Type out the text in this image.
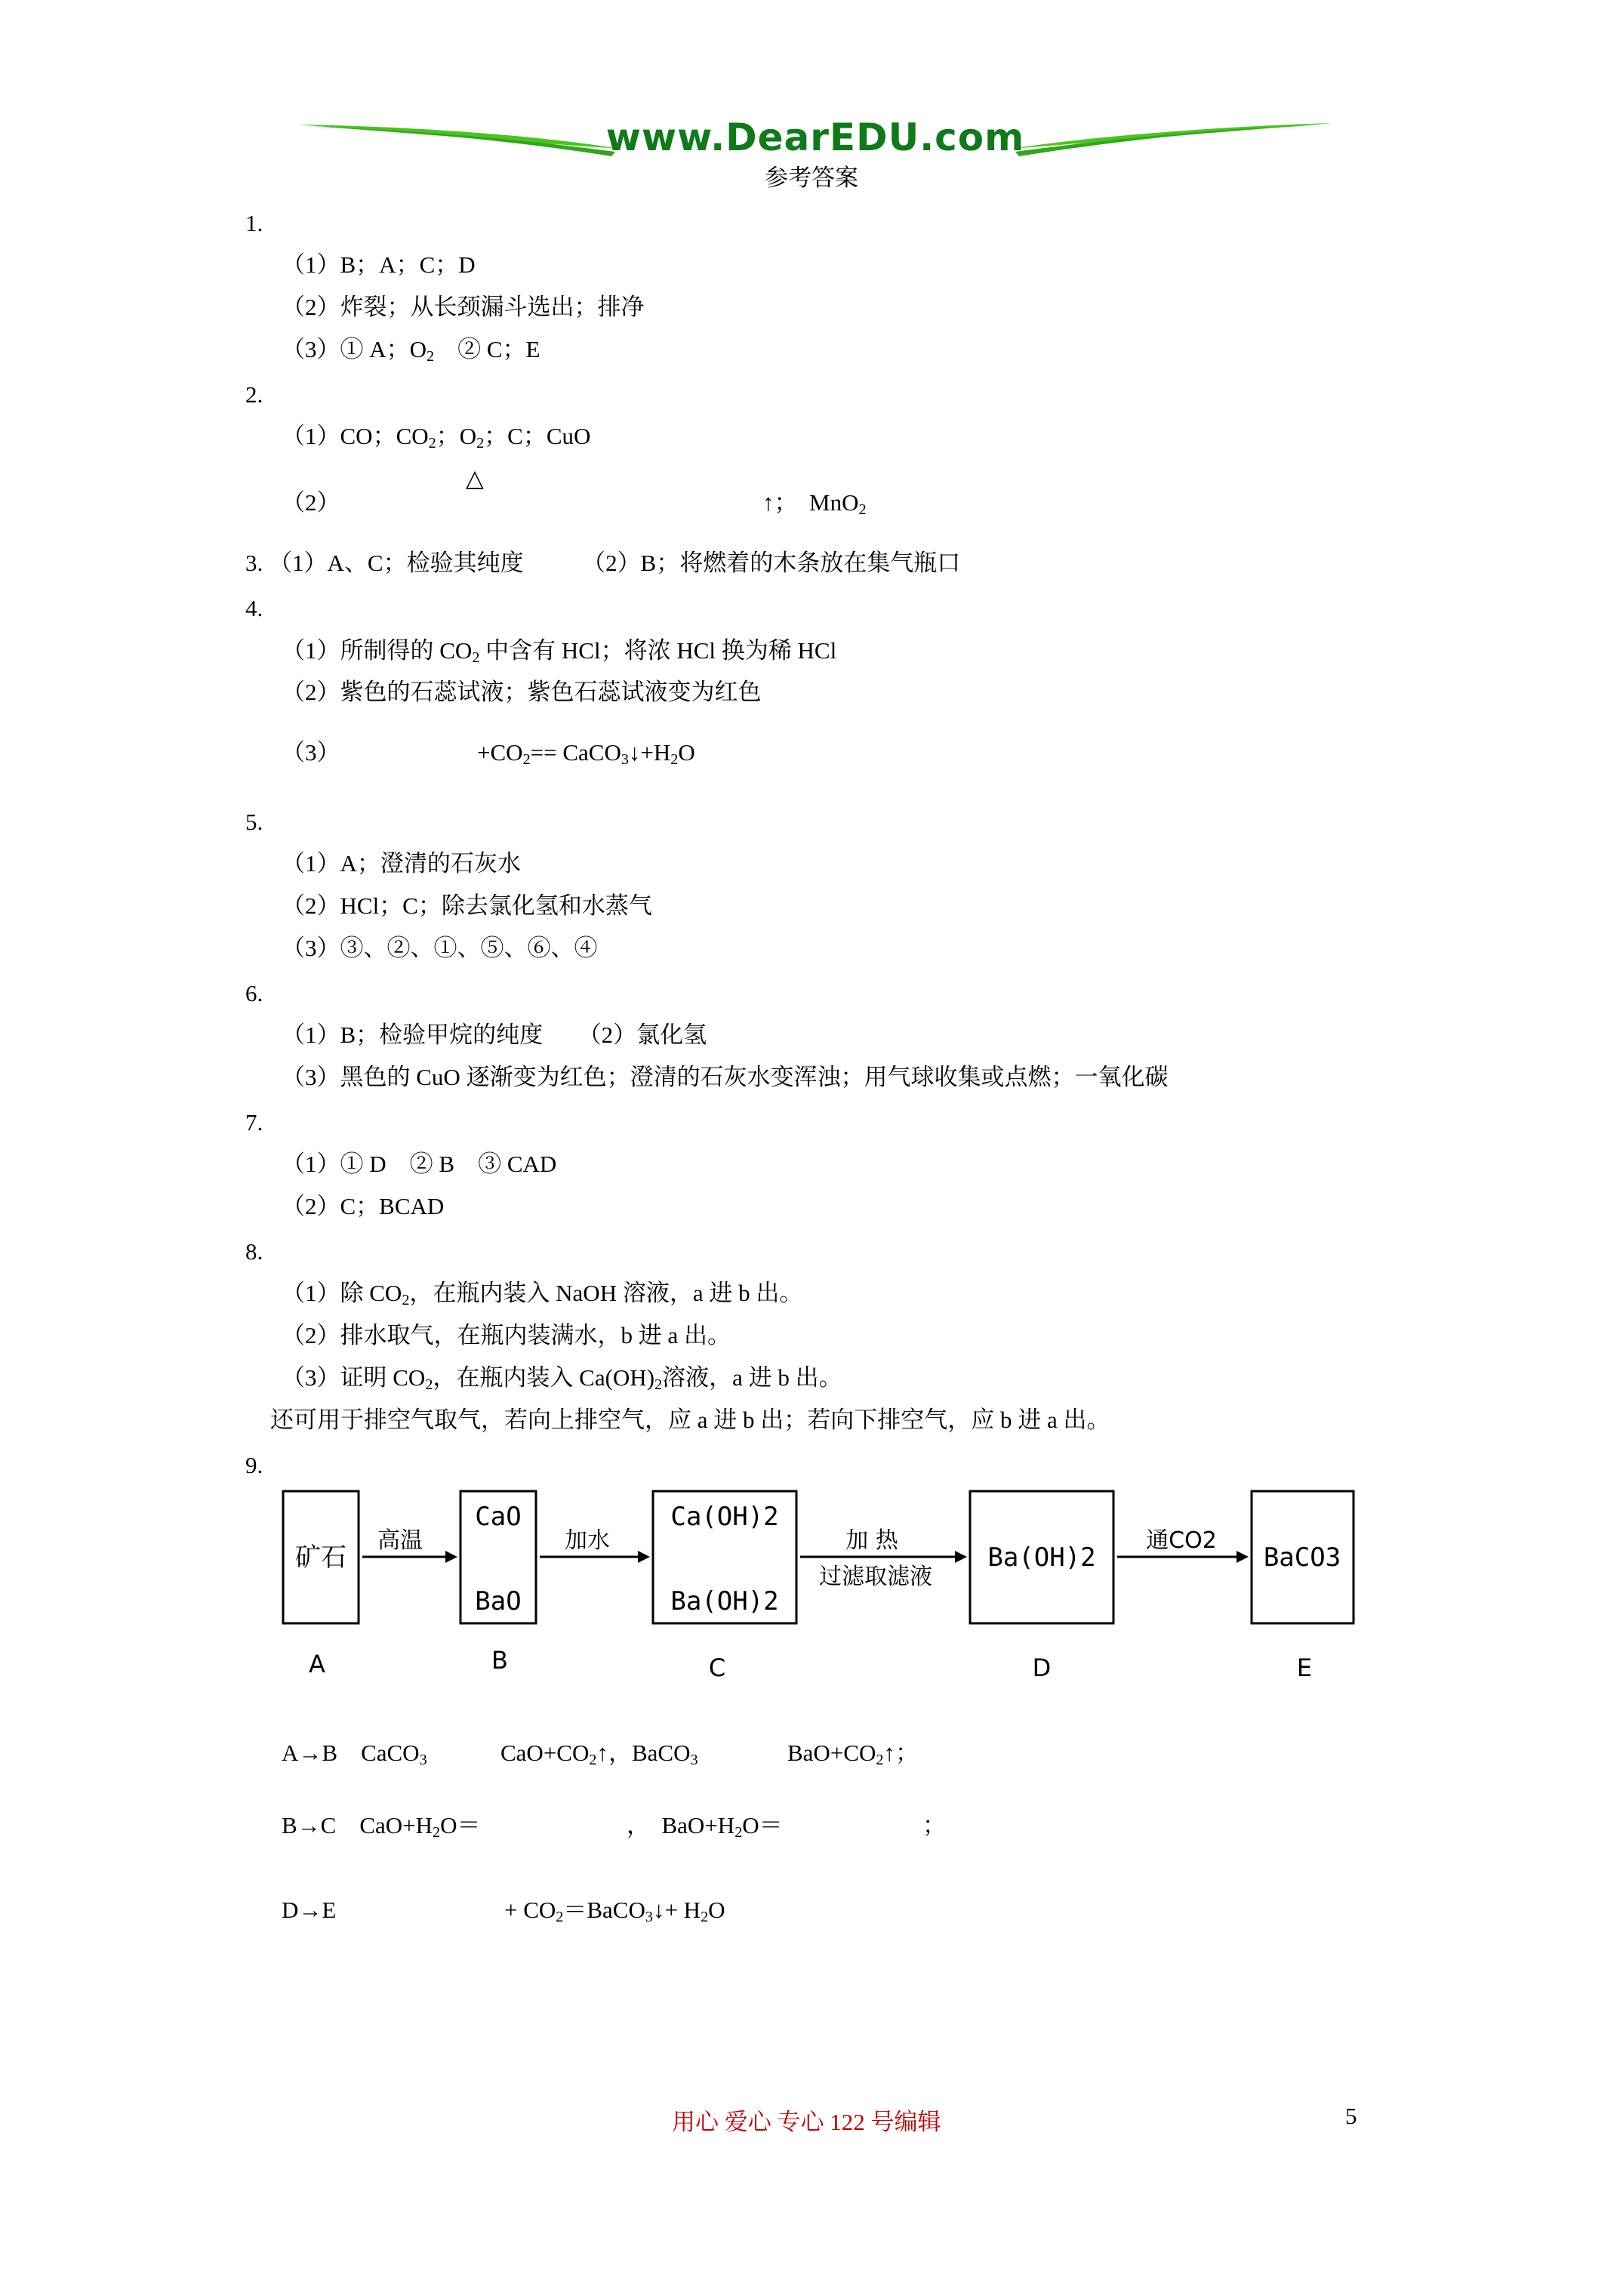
www.DearEDU.com
参考答案
1.
（1）B；A；C；D
（2）炸裂；从长颈漏斗选出；排净
（3）① A；$O_2$　② C；E
2.
（1）CO；$CO_2$；$O_2$；C；CuO
△
（2）	↑；　MnO$_2$
3. （1）A、C；检验其纯度　　　（2）B；将燃着的木条放在集气瓶口
4.
（1）所制得的 $CO_2$ 中含有 HCl；将浓 HCl 换为稀 HCl
（2）紫色的石蕊试液；紫色石蕊试液变为红色
（3）	$+CO_2==$ $CaCO_3↓+H_2O$
5.
（1）A；澄清的石灰水
（2）HCl；C；除去氯化氢和水蒸气
（3）③、②、①、⑤、⑥、④
6.
（1）B；检验甲烷的纯度　　（2）氯化氢
（3）黑色的 CuO 逐渐变为红色；澄清的石灰水变浑浊；用气球收集或点燃；一氧化碳
7.
（1）① D　② B　③ CAD
（2）C；BCAD
8.
（1）除 $CO_2$，在瓶内装入 NaOH 溶液，a 进 b 出。
（2）排水取气，在瓶内装满水，b 进 a 出。
（3）证明 $CO_2$，在瓶内装入 $Ca(OH)_2$溶液，a 进 b 出。
还可用于排空气取气，若向上排空气，应 a 进 b 出；若向下排空气，应 b 进 a 出。
9.
矿石
CaO
BaO
Ca(OH)2
Ba(OH)2
Ba(OH)2	BaCO3
高温	加水	加 热
过滤取滤液
通CO2
A	B	C	D	E
A→B　CaCO$_3$	$CaO+CO_2↑$，BaCO$_3$	$BaO+CO_2↑$；
B→C　$CaO+H_2O=$	，　$BaO+H_2O=$	；
D→E	+ $CO_2=BaCO_3↓+ H_2O$
用心 爱心 专心 122 号编辑	5
